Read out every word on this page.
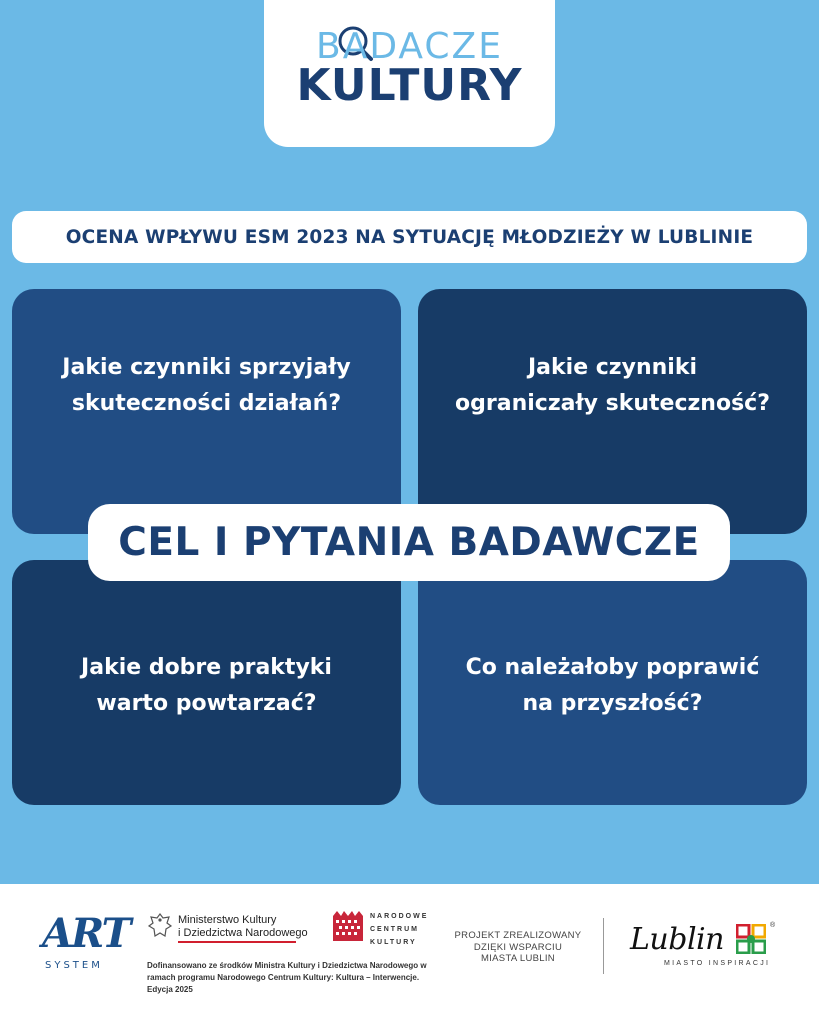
BADACZE
KULTURY
OCENA WPŁYWU ESM 2023 NA SYTUACJĘ MŁODZIEŻY W LUBLINIE
Jakie czynniki sprzyjały
skuteczności działań?
Jakie czynniki
ograniczały skuteczność?
Jakie dobre praktyki
warto powtarzać?
Co należałoby poprawić
na przyszłość?
CEL I PYTANIA BADAWCZE
ART
SYSTEM
Ministerstwo Kultury
i Dziedzictwa Narodowego
NARODOWE
CENTRUM
KULTURY
Dofinansowano ze środków Ministra Kultury i Dziedzictwa Narodowego w ramach programu Narodowego Centrum Kultury: Kultura – Interwencje. Edycja 2025
PROJEKT ZREALIZOWANY
DZIĘKI WSPARCIU
MIASTA LUBLIN
Lublin	®
MIASTO INSPIRACJI
